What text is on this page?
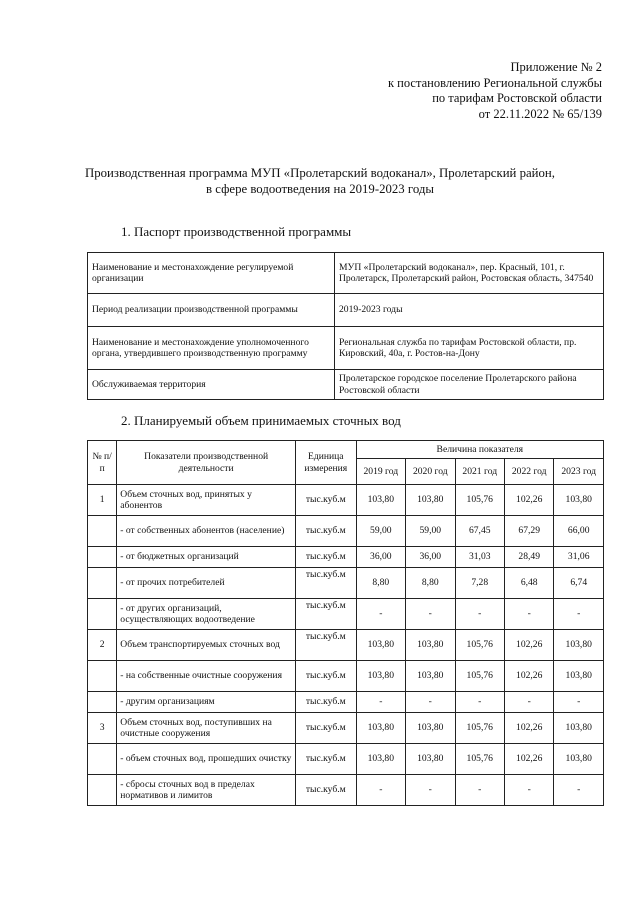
Приложение № 2
к постановлению Региональной службы
по тарифам Ростовской области
от 22.11.2022 № 65/139
Производственная программа МУП «Пролетарский водоканал», Пролетарский район,
в сфере водоотведения на 2019-2023 годы
1. Паспорт производственной программы
Наименование и местонахождение регулируемой организации	МУП «Пролетарский водоканал», пер. Красный, 101, г. Пролетарск, Пролетарский район, Ростовская область, 347540
Период реализации производственной программы	2019-2023 годы
Наименование и местонахождение уполномоченного органа, утвердившего производственную программу	Региональная служба по тарифам Ростовской области, пр. Кировский, 40а, г. Ростов-на-Дону
Обслуживаемая территория	Пролетарское городское поселение Пролетарского района Ростовской области
2. Планируемый объем принимаемых сточных вод
№ п/п	Показатели производственной деятельности	Единица измерения	Величина показателя				
			2019 год	2020 год	2021 год	2022 год	2023 год
1	Объем сточных вод, принятых у абонентов	тыс.куб.м	103,80	103,80	105,76	102,26	103,80
	- от собственных абонентов (население)	тыс.куб.м	59,00	59,00	67,45	67,29	66,00
	- от бюджетных организаций	тыс.куб.м	36,00	36,00	31,03	28,49	31,06
	- от прочих потребителей	тыс.куб.м	8,80	8,80	7,28	6,48	6,74
	- от других организаций, осуществляющих водоотведение	тыс.куб.м	-	-	-	-	-
2	Объем транспортируемых сточных вод	тыс.куб.м	103,80	103,80	105,76	102,26	103,80
	- на собственные очистные сооружения	тыс.куб.м	103,80	103,80	105,76	102,26	103,80
	- другим организациям	тыс.куб.м	-	-	-	-	-
3	Объем сточных вод, поступивших на очистные сооружения	тыс.куб.м	103,80	103,80	105,76	102,26	103,80
	- объем сточных вод, прошедших очистку	тыс.куб.м	103,80	103,80	105,76	102,26	103,80
	- сбросы сточных вод в пределах нормативов и лимитов	тыс.куб.м	-	-	-	-	-
